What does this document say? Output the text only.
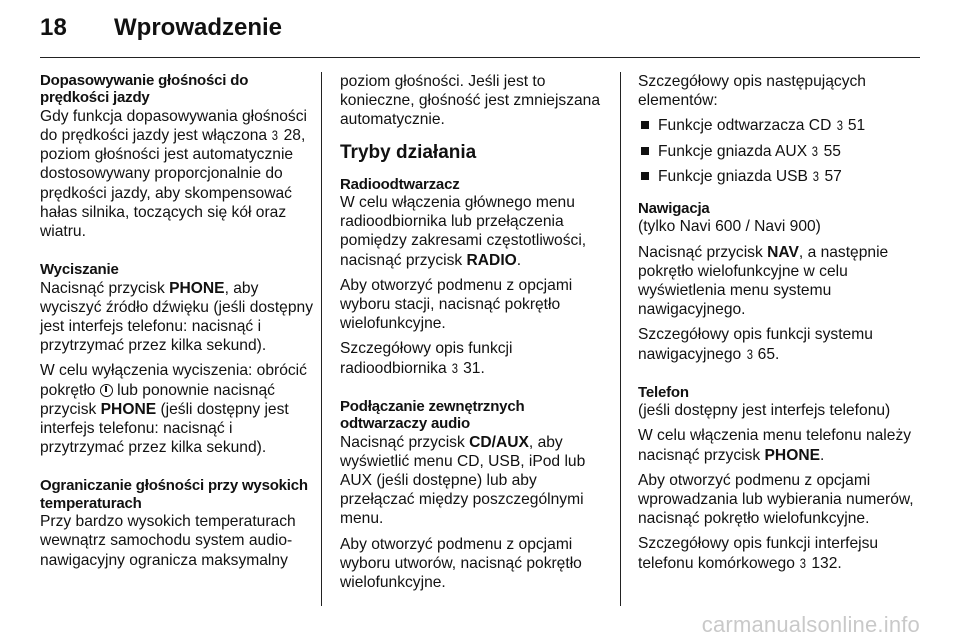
18	Wprowadzenie
Dopasowywanie głośności do prędkości jazdy
Gdy funkcja dopasowywania głośności do prędkości jazdy jest włączona 3 28, poziom głośności jest automatycznie dostosowywany proporcjonalnie do prędkości jazdy, aby skompensować hałas silnika, toczących się kół oraz wiatru.
Wyciszanie
Nacisnąć przycisk PHONE, aby wyciszyć źródło dźwięku (jeśli dostępny jest interfejs telefonu: nacisnąć i przytrzymać przez kilka sekund).
W celu wyłączenia wyciszenia: obrócić pokrętło  lub ponownie nacisnąć przycisk PHONE (jeśli dostępny jest interfejs telefonu: nacisnąć i przytrzymać przez kilka sekund).
Ograniczanie głośności przy wysokich temperaturach
Przy bardzo wysokich temperaturach wewnątrz samochodu system audio-nawigacyjny ogranicza maksymalny
poziom głośności. Jeśli jest to konieczne, głośność jest zmniejszana automatycznie.
Tryby działania
Radioodtwarzacz
W celu włączenia głównego menu radioodbiornika lub przełączenia pomiędzy zakresami częstotliwości, nacisnąć przycisk RADIO.
Aby otworzyć podmenu z opcjami wyboru stacji, nacisnąć pokrętło wielofunkcyjne.
Szczegółowy opis funkcji radioodbiornika 3 31.
Podłączanie zewnętrznych odtwarzaczy audio
Nacisnąć przycisk CD/AUX, aby wyświetlić menu CD, USB, iPod lub AUX (jeśli dostępne) lub aby przełączać między poszczególnymi menu.
Aby otworzyć podmenu z opcjami wyboru utworów, nacisnąć pokrętło wielofunkcyjne.
Szczegółowy opis następujących elementów:
Funkcje odtwarzacza CD 3 51
Funkcje gniazda AUX 3 55
Funkcje gniazda USB 3 57
Nawigacja
(tylko Navi 600 / Navi 900)
Nacisnąć przycisk NAV, a następnie pokrętło wielofunkcyjne w celu wyświetlenia menu systemu nawigacyjnego.
Szczegółowy opis funkcji systemu nawigacyjnego 3 65.
Telefon
(jeśli dostępny jest interfejs telefonu)
W celu włączenia menu telefonu należy nacisnąć przycisk PHONE.
Aby otworzyć podmenu z opcjami wprowadzania lub wybierania numerów, nacisnąć pokrętło wielofunkcyjne.
Szczegółowy opis funkcji interfejsu telefonu komórkowego 3 132.
carmanualsonline.info
